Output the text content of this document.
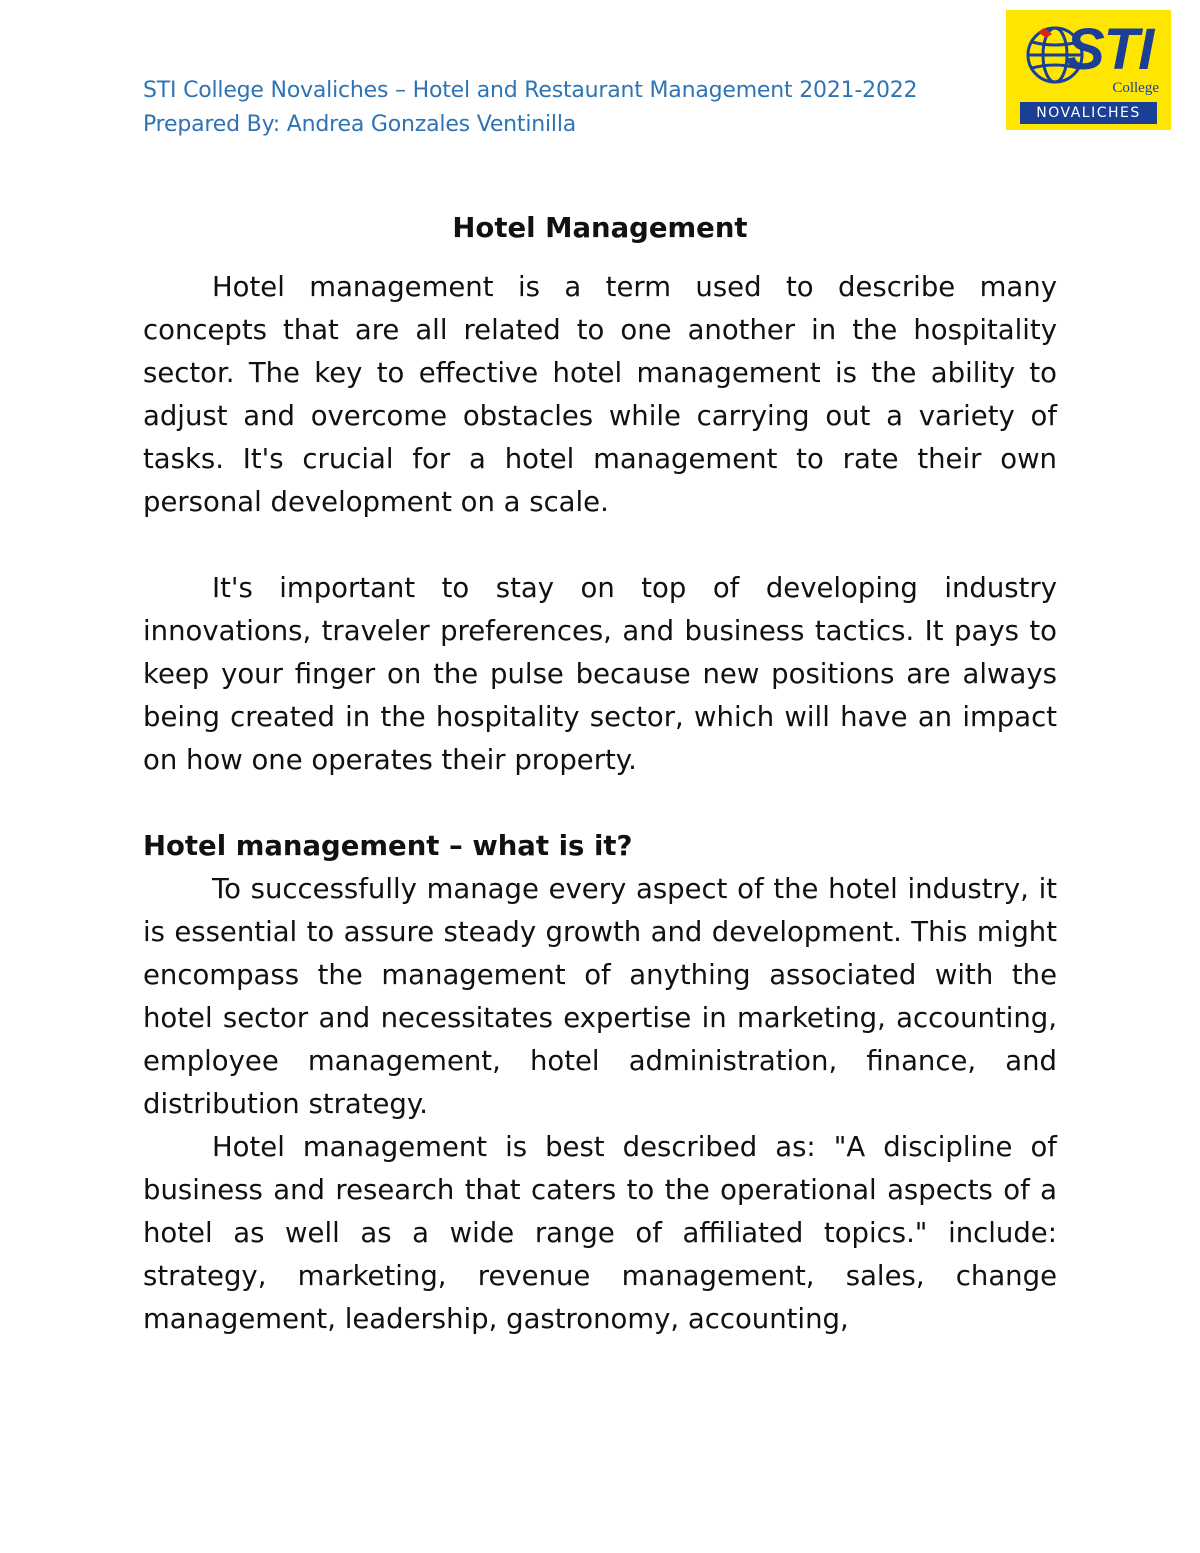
STI College Novaliches – Hotel and Restaurant Management 2021-2022
Prepared By: Andrea Gonzales Ventinilla
STI
College
NOVALICHES
Hotel Management

Hotel management is a term used to describe many concepts that are all related to one another in the hospitality sector. The key to effective hotel management is the ability to adjust and overcome obstacles while carrying out a variety of tasks. It's crucial for a hotel management to rate their own personal development on a scale.

It's important to stay on top of developing industry innovations, traveler preferences, and business tactics. It pays to keep your finger on the pulse because new positions are always being created in the hospitality sector, which will have an impact on how one operates their property.

Hotel management – what is it?

To successfully manage every aspect of the hotel industry, it is essential to assure steady growth and development. This might encompass the management of anything associated with the hotel sector and necessitates expertise in marketing, accounting, employee management, hotel administration, finance, and distribution strategy.

Hotel management is best described as: "A discipline of business and research that caters to the operational aspects of a hotel as well as a wide range of affiliated topics." include: strategy, marketing, revenue management, sales, change management, leadership, gastronomy, accounting,
